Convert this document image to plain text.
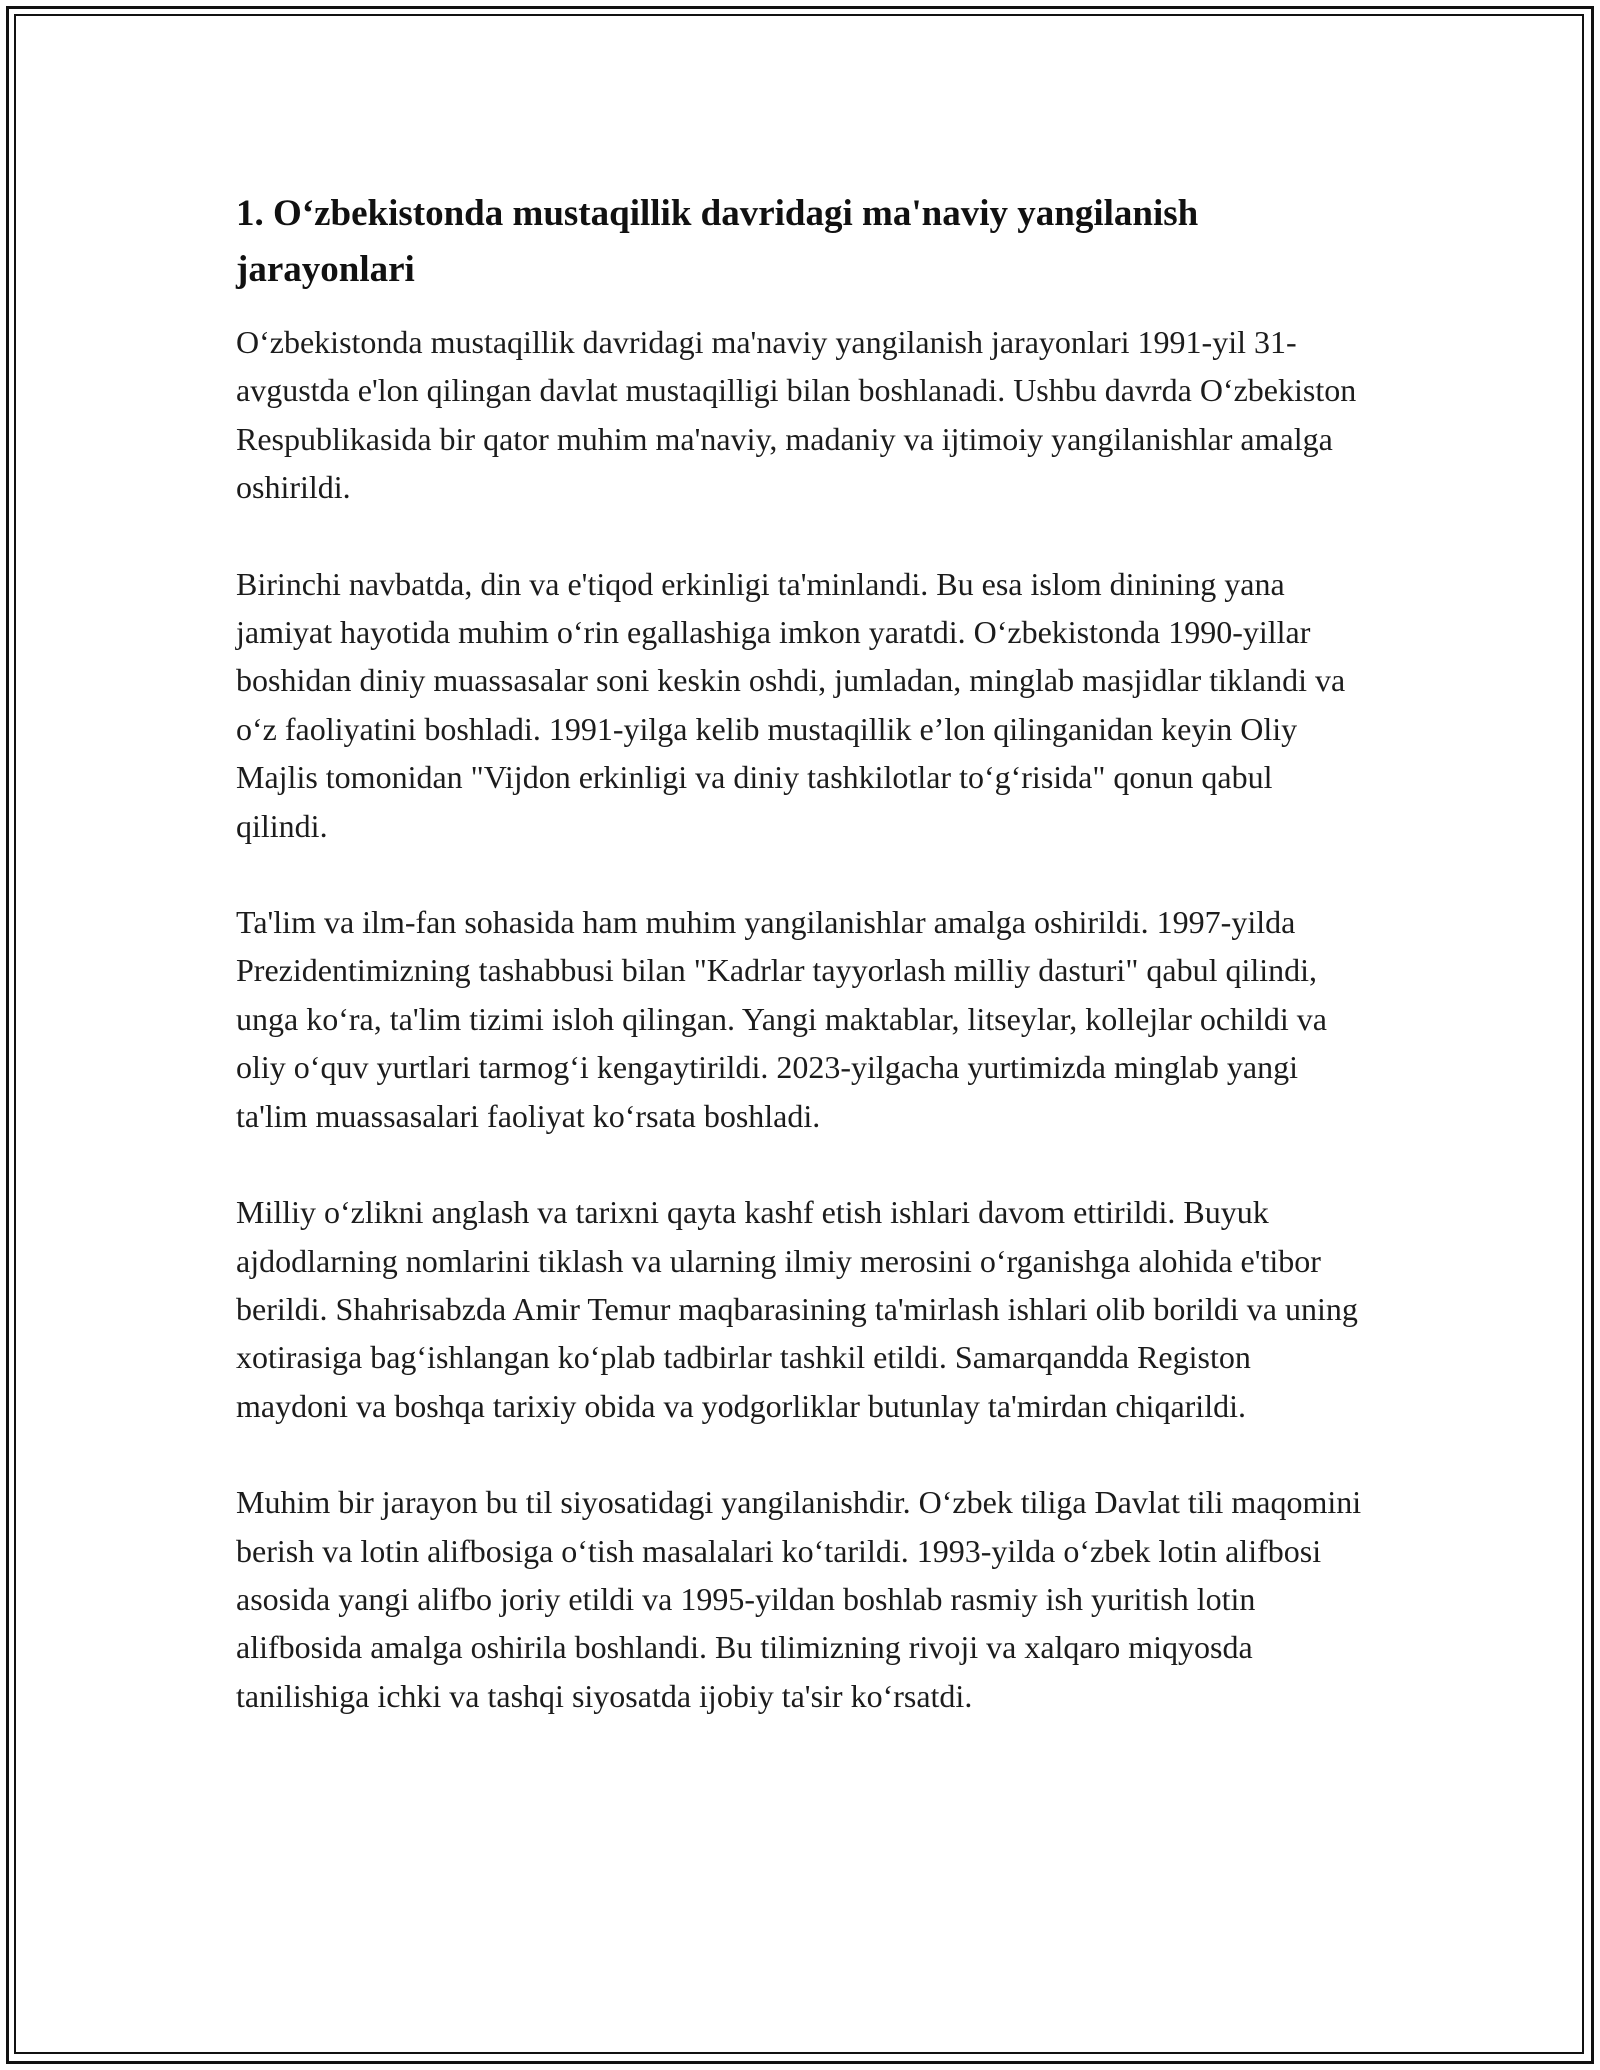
1. O‘zbekistonda mustaqillik davridagi ma'naviy yangilanish jarayonlari

O‘zbekistonda mustaqillik davridagi ma'naviy yangilanish jarayonlari 1991-yil 31-avgustda e'lon qilingan davlat mustaqilligi bilan boshlanadi. Ushbu davrda O‘zbekiston Respublikasida bir qator muhim ma'naviy, madaniy va ijtimoiy yangilanishlar amalga oshirildi.

Birinchi navbatda, din va e'tiqod erkinligi ta'minlandi. Bu esa islom dinining yana jamiyat hayotida muhim o‘rin egallashiga imkon yaratdi. O‘zbekistonda 1990-yillar boshidan diniy muassasalar soni keskin oshdi, jumladan, minglab masjidlar tiklandi va o‘z faoliyatini boshladi. 1991-yilga kelib mustaqillik e’lon qilinganidan keyin Oliy Majlis tomonidan "Vijdon erkinligi va diniy tashkilotlar to‘g‘risida" qonun qabul qilindi.

Ta'lim va ilm-fan sohasida ham muhim yangilanishlar amalga oshirildi. 1997-yilda Prezidentimizning tashabbusi bilan "Kadrlar tayyorlash milliy dasturi" qabul qilindi, unga ko‘ra, ta'lim tizimi isloh qilingan. Yangi maktablar, litseylar, kollejlar ochildi va oliy o‘quv yurtlari tarmog‘i kengaytirildi. 2023-yilgacha yurtimizda minglab yangi ta'lim muassasalari faoliyat ko‘rsata boshladi.

Milliy o‘zlikni anglash va tarixni qayta kashf etish ishlari davom ettirildi. Buyuk ajdodlarning nomlarini tiklash va ularning ilmiy merosini o‘rganishga alohida e'tibor berildi. Shahrisabzda Amir Temur maqbarasining ta'mirlash ishlari olib borildi va uning xotirasiga bag‘ishlangan ko‘plab tadbirlar tashkil etildi. Samarqandda Registon maydoni va boshqa tarixiy obida va yodgorliklar butunlay ta'mirdan chiqarildi.

Muhim bir jarayon bu til siyosatidagi yangilanishdir. O‘zbek tiliga Davlat tili maqomini berish va lotin alifbosiga o‘tish masalalari ko‘tarildi. 1993-yilda o‘zbek lotin alifbosi asosida yangi alifbo joriy etildi va 1995-yildan boshlab rasmiy ish yuritish lotin alifbosida amalga oshirila boshlandi. Bu tilimizning rivoji va xalqaro miqyosda tanilishiga ichki va tashqi siyosatda ijobiy ta'sir ko‘rsatdi.
